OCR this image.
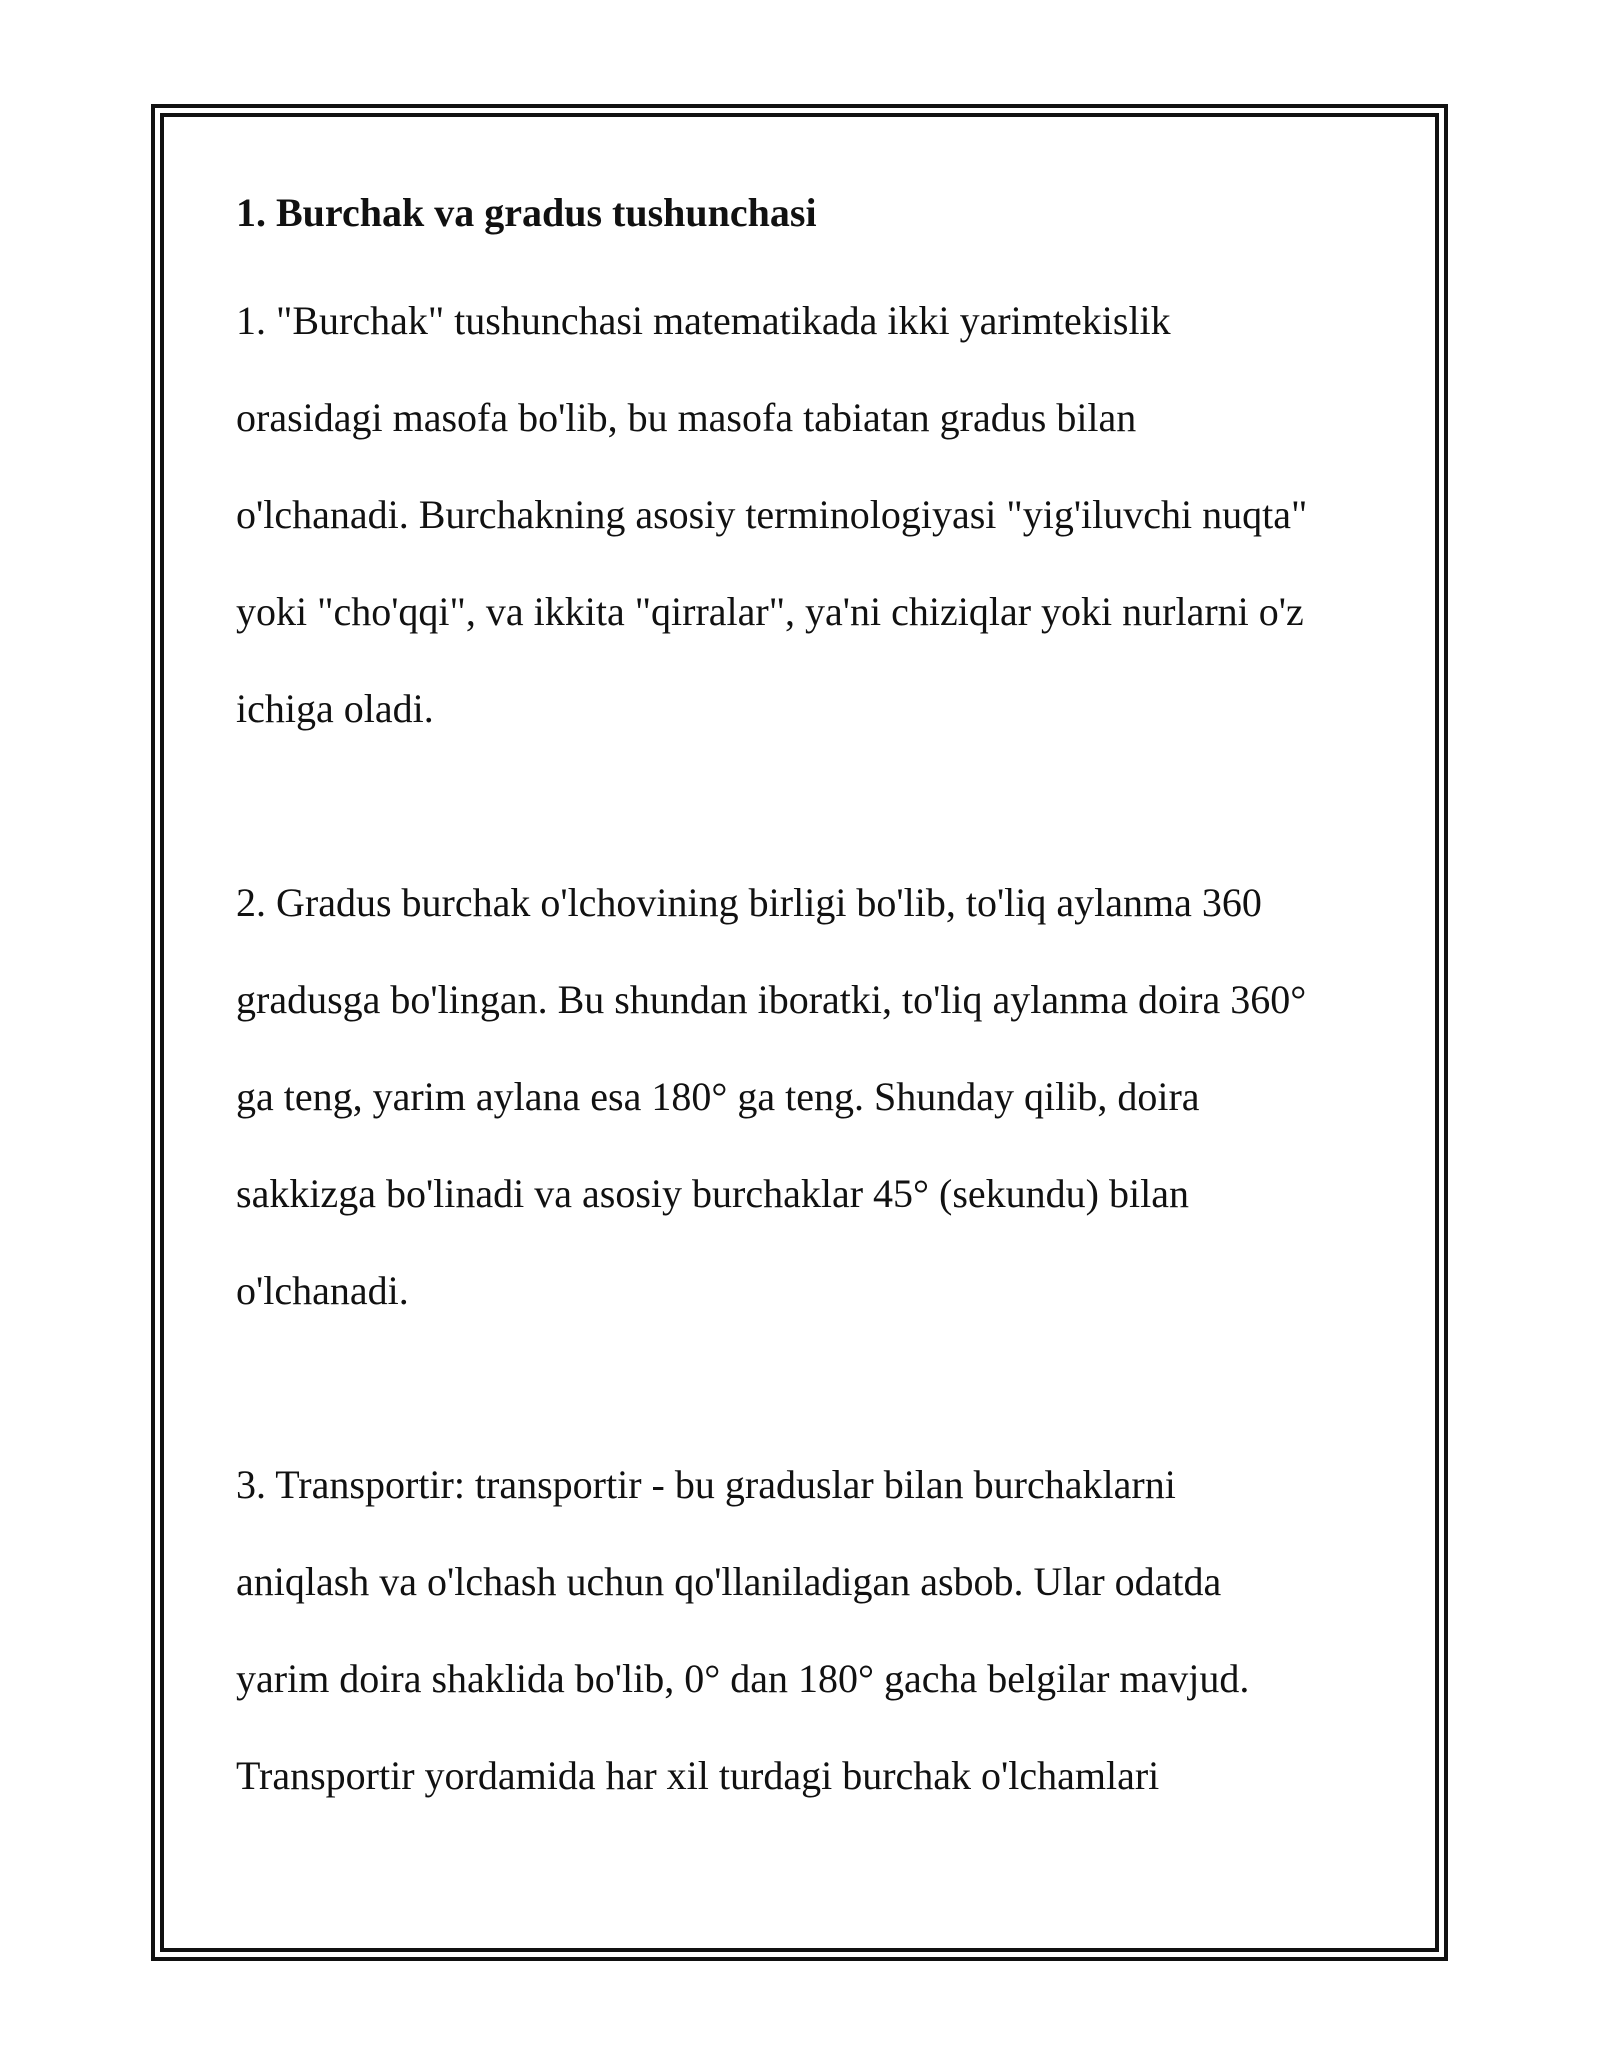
1. Burchak va gradus tushunchasi

1. "Burchak" tushunchasi matematikada ikki yarimtekislik
orasidagi masofa bo'lib, bu masofa tabiatan gradus bilan
o'lchanadi. Burchakning asosiy terminologiyasi "yig'iluvchi nuqta"
yoki "cho'qqi", va ikkita "qirralar", ya'ni chiziqlar yoki nurlarni o'z
ichiga oladi.

2. Gradus burchak o'lchovining birligi bo'lib, to'liq aylanma 360
gradusga bo'lingan. Bu shundan iboratki, to'liq aylanma doira 360°
ga teng, yarim aylana esa 180° ga teng. Shunday qilib, doira
sakkizga bo'linadi va asosiy burchaklar 45° (sekundu) bilan
o'lchanadi.

3. Transportir: transportir - bu graduslar bilan burchaklarni
aniqlash va o'lchash uchun qo'llaniladigan asbob. Ular odatda
yarim doira shaklida bo'lib, 0° dan 180° gacha belgilar mavjud.
Transportir yordamida har xil turdagi burchak o'lchamlari
